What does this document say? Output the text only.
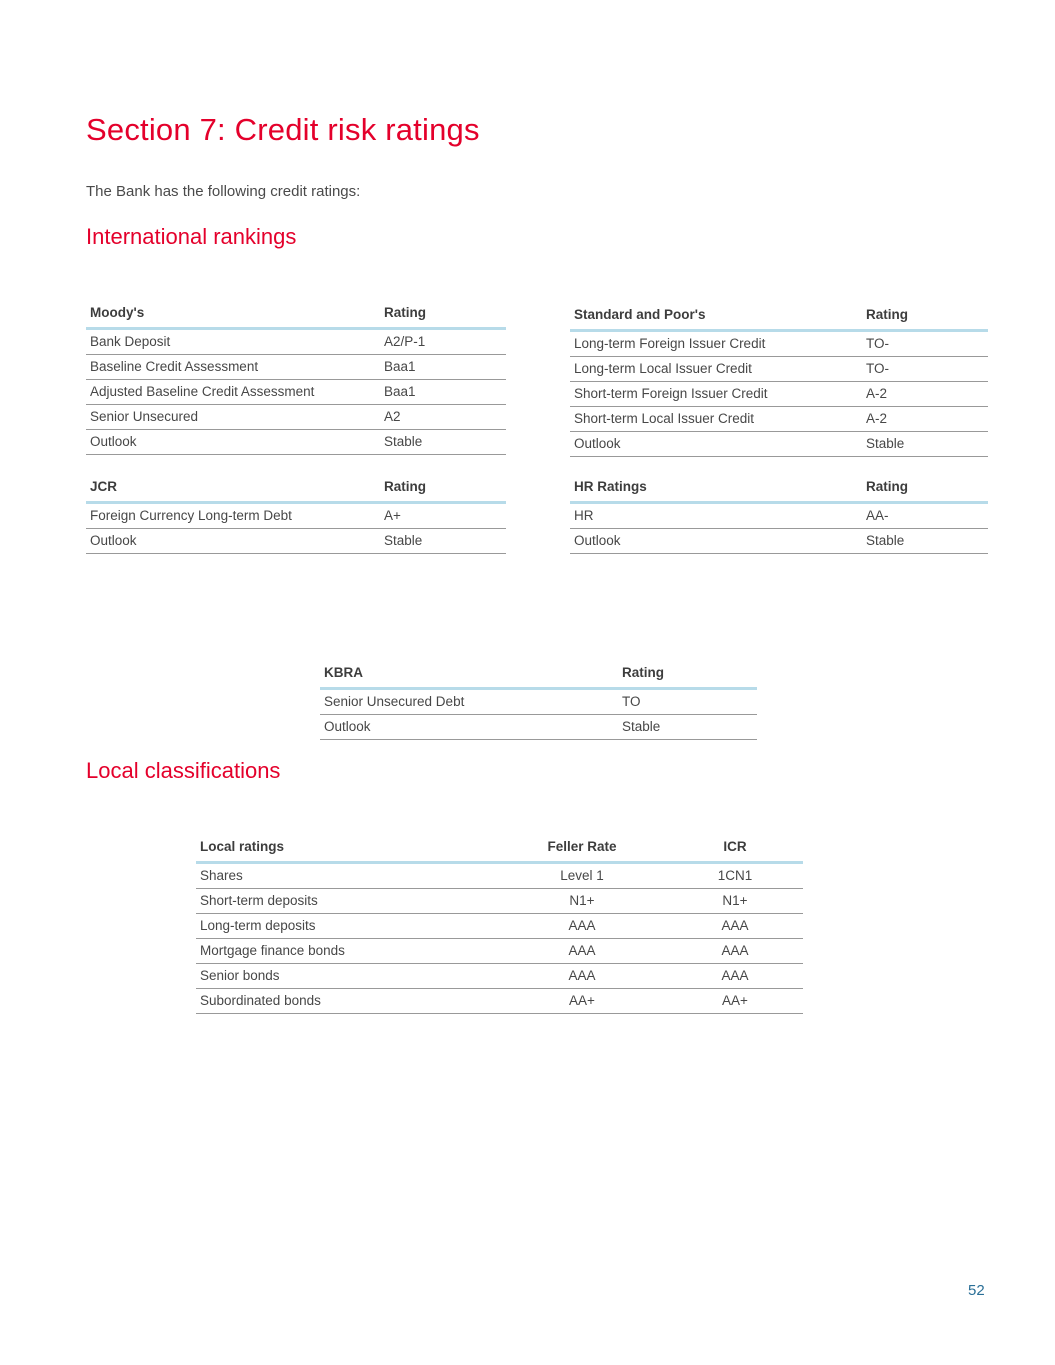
Section 7: Credit risk ratings

The Bank has the following credit ratings:

International rankings
Moody's	Rating
Bank Deposit	A2/P-1
Baseline Credit Assessment	Baa1
Adjusted Baseline Credit Assessment	Baa1
Senior Unsecured	A2
Outlook	Stable
Standard and Poor's	Rating
Long-term Foreign Issuer Credit	TO-
Long-term Local Issuer Credit	TO-
Short-term Foreign Issuer Credit	A-2
Short-term Local Issuer Credit	A-2
Outlook	Stable
JCR	Rating
Foreign Currency Long-term Debt	A+
Outlook	Stable
HR Ratings	Rating
HR	AA-
Outlook	Stable
KBRA	Rating
Senior Unsecured Debt	TO
Outlook	Stable
Local classifications
Local ratings	Feller Rate	ICR
Shares	Level 1	1CN1
Short-term deposits	N1+	N1+
Long-term deposits	AAA	AAA
Mortgage finance bonds	AAA	AAA
Senior bonds	AAA	AAA
Subordinated bonds	AA+	AA+
52
